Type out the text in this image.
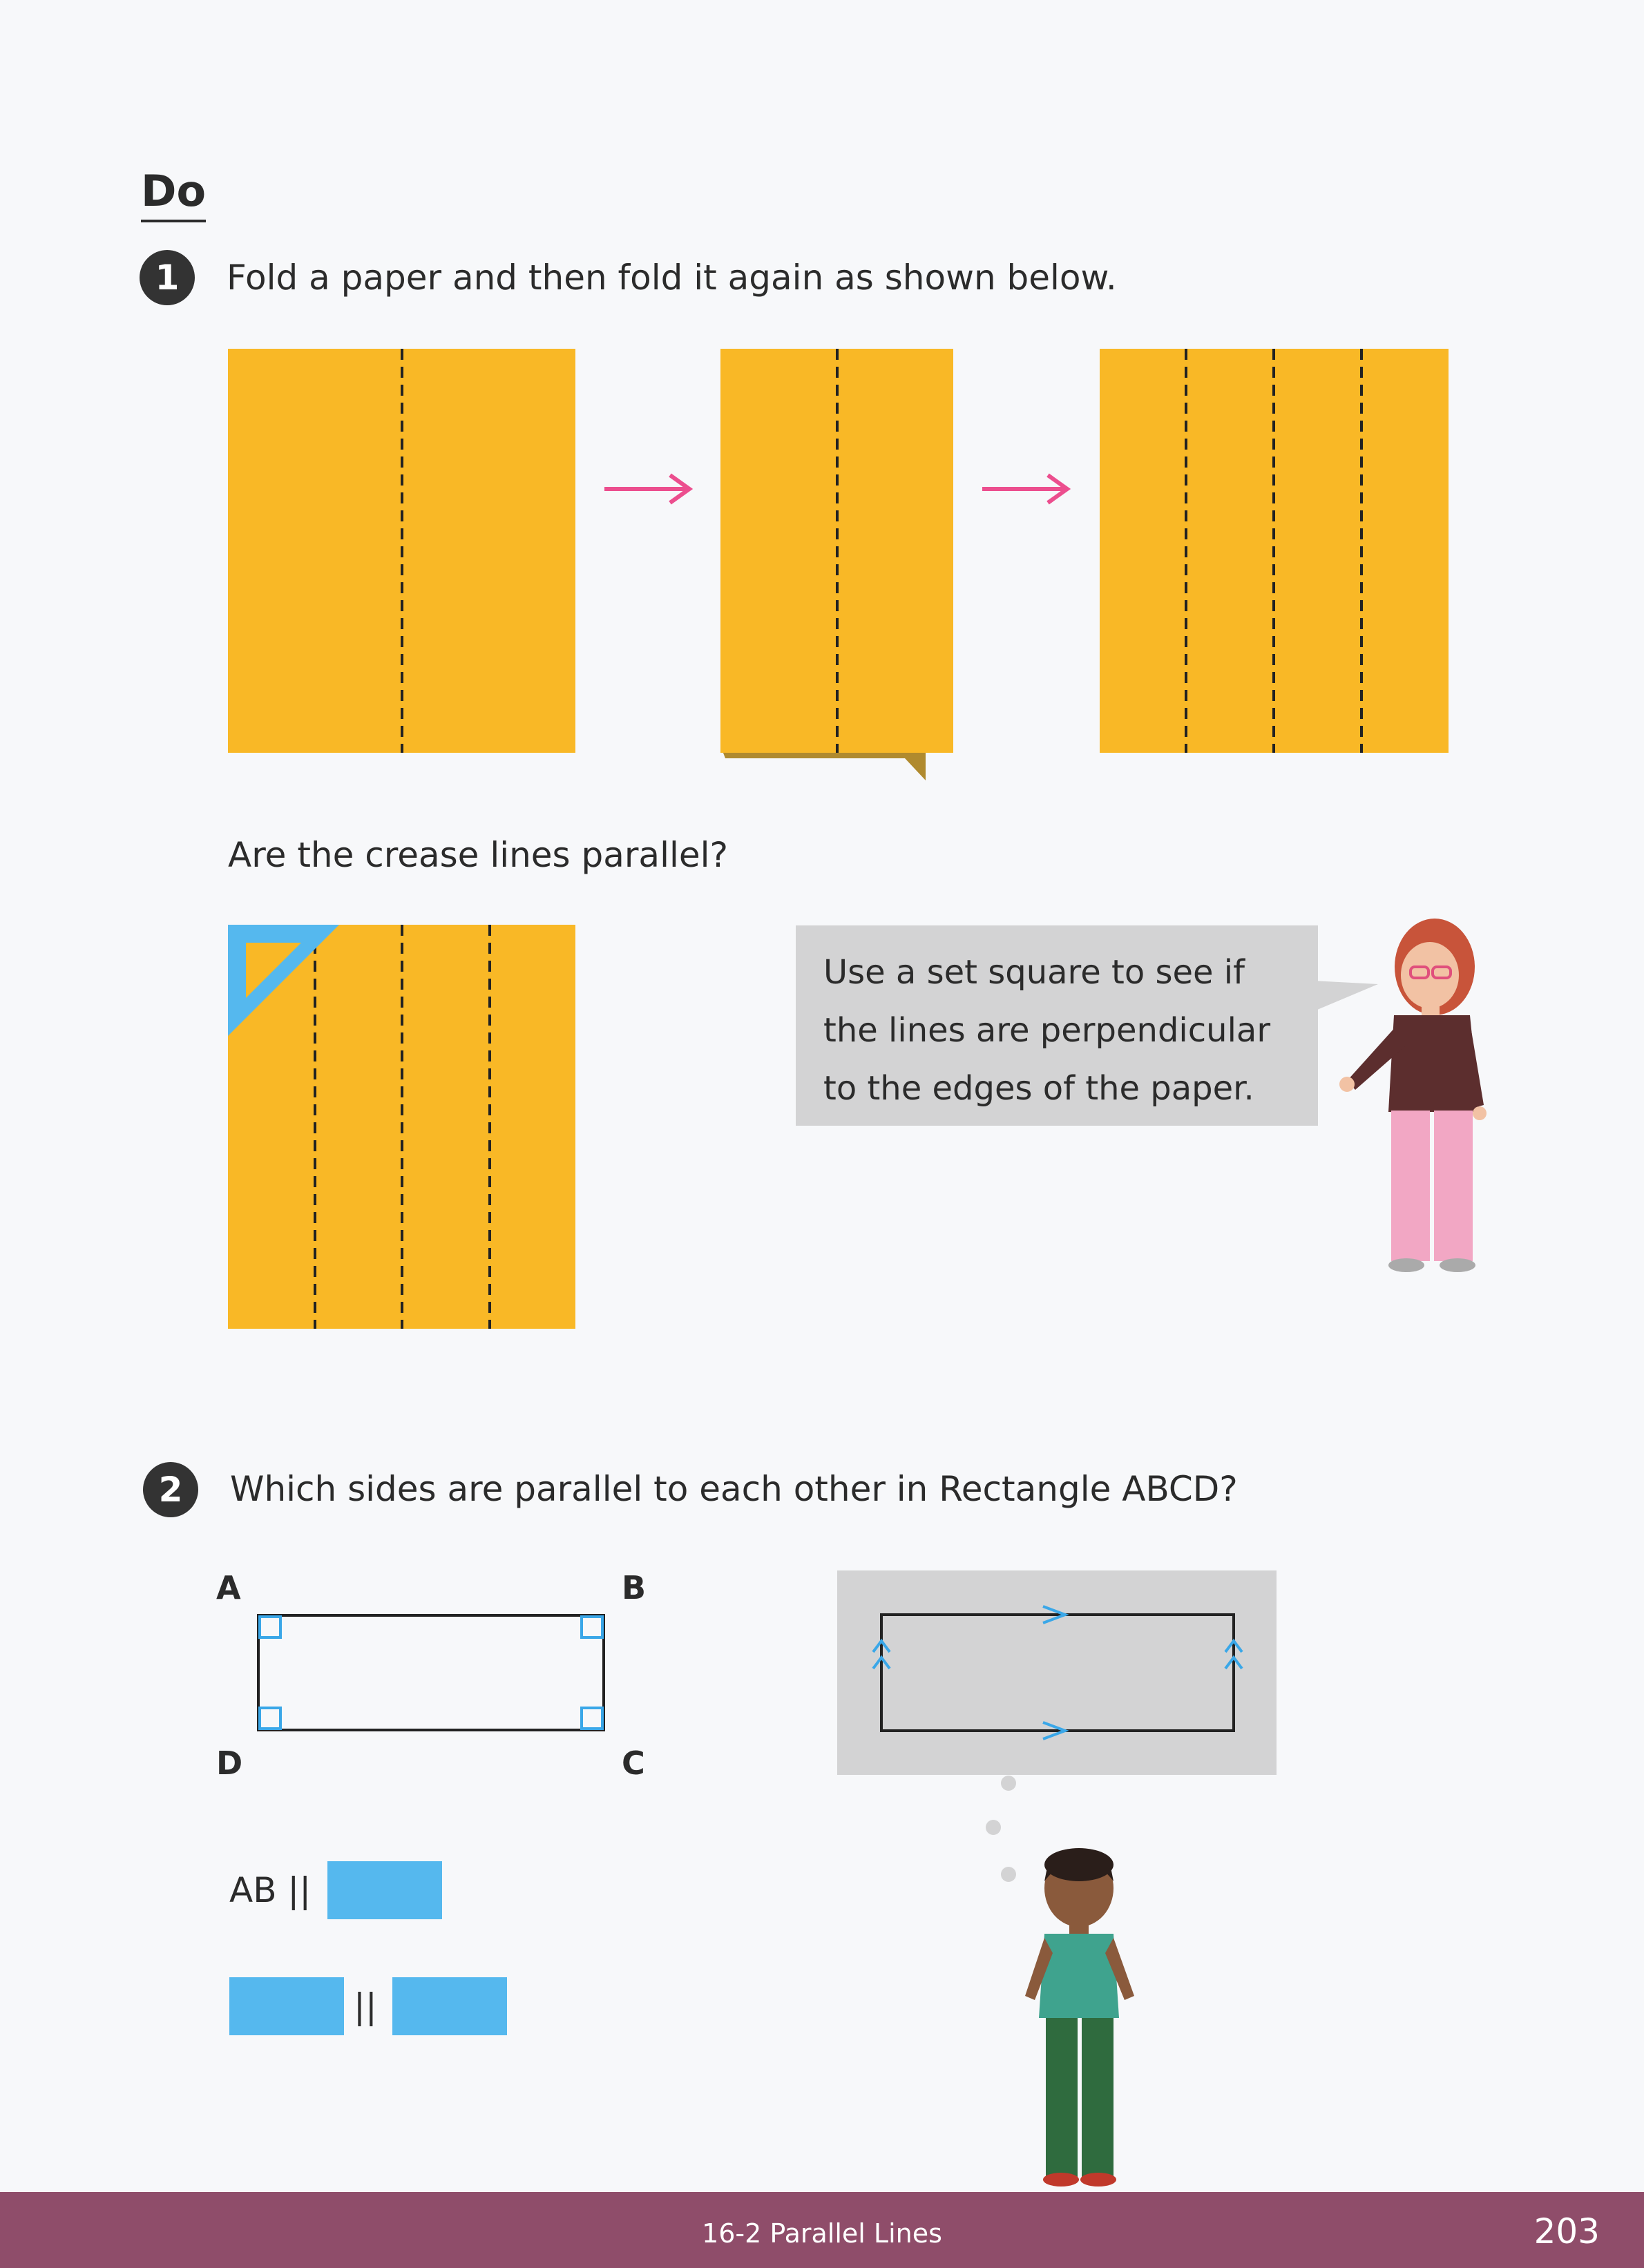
Do
1	Fold a paper and then fold it again as shown below.
Are the crease lines parallel?
Use a set square to see if
the lines are perpendicular
to the edges of the paper.
2	Which sides are parallel to each other in Rectangle ABCD?
A	B
D	C
AB ||
||
16-2 Parallel Lines	203
